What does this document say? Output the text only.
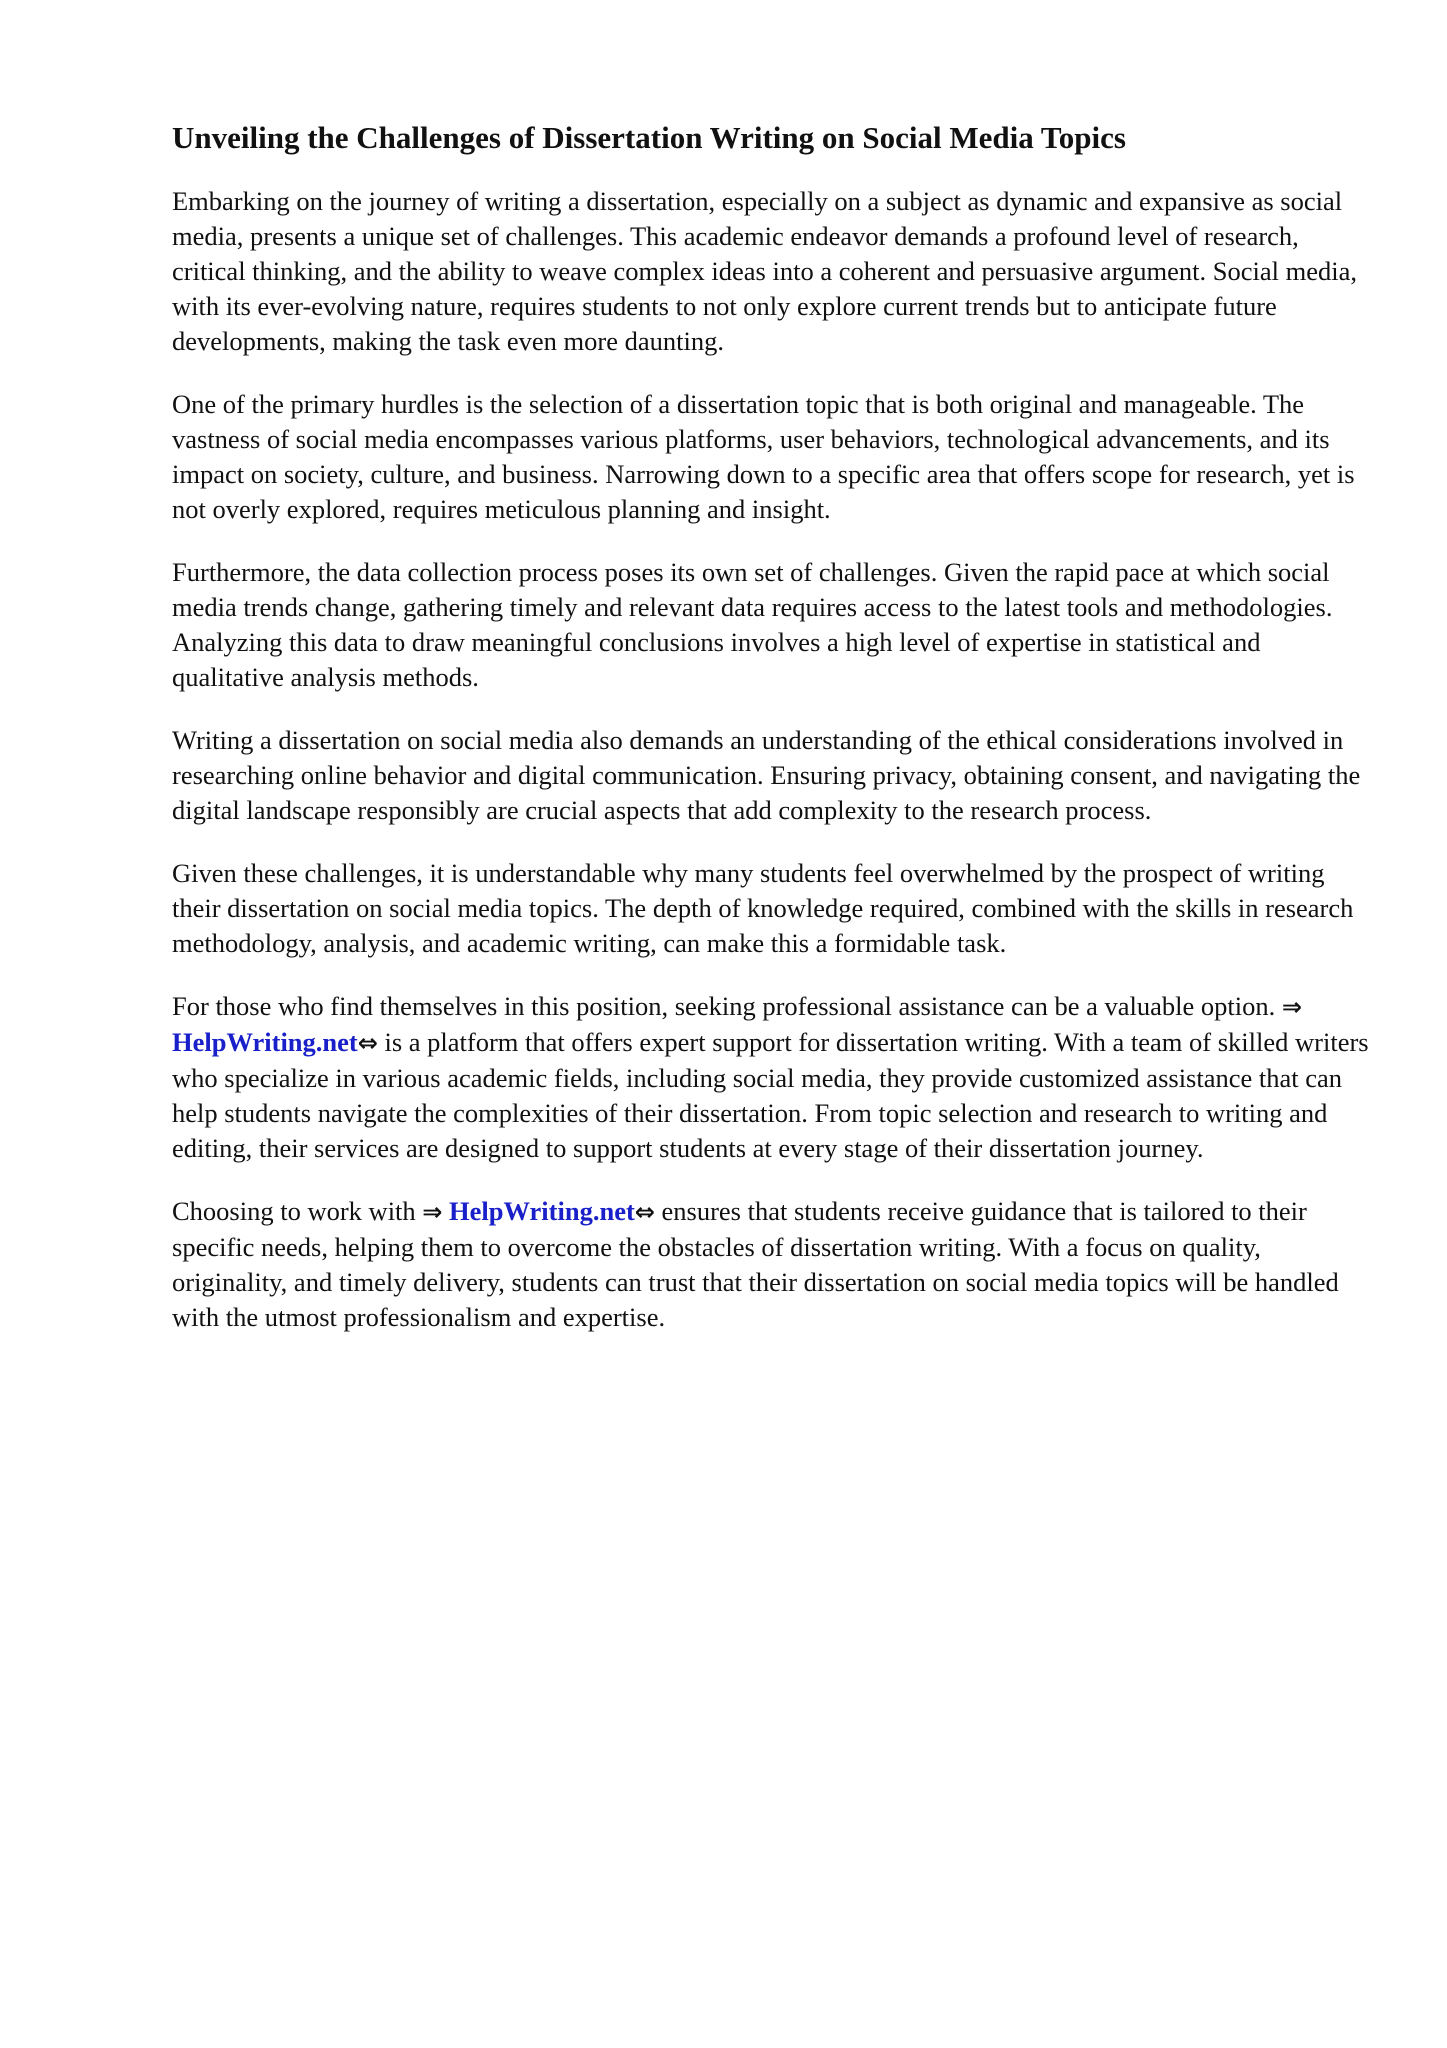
Unveiling the Challenges of Dissertation Writing on Social Media Topics

Embarking on the journey of writing a dissertation, especially on a subject as dynamic and expansive as social media, presents a unique set of challenges. This academic endeavor demands a profound level of research, critical thinking, and the ability to weave complex ideas into a coherent and persuasive argument. Social media, with its ever-evolving nature, requires students to not only explore current trends but to anticipate future developments, making the task even more daunting.

One of the primary hurdles is the selection of a dissertation topic that is both original and manageable. The vastness of social media encompasses various platforms, user behaviors, technological advancements, and its impact on society, culture, and business. Narrowing down to a specific area that offers scope for research, yet is not overly explored, requires meticulous planning and insight.

Furthermore, the data collection process poses its own set of challenges. Given the rapid pace at which social media trends change, gathering timely and relevant data requires access to the latest tools and methodologies. Analyzing this data to draw meaningful conclusions involves a high level of expertise in statistical and qualitative analysis methods.

Writing a dissertation on social media also demands an understanding of the ethical considerations involved in researching online behavior and digital communication. Ensuring privacy, obtaining consent, and navigating the digital landscape responsibly are crucial aspects that add complexity to the research process.

Given these challenges, it is understandable why many students feel overwhelmed by the prospect of writing their dissertation on social media topics. The depth of knowledge required, combined with the skills in research methodology, analysis, and academic writing, can make this a formidable task.

For those who find themselves in this position, seeking professional assistance can be a valuable option. ⇒ HelpWriting.net⇔ is a platform that offers expert support for dissertation writing. With a team of skilled writers who specialize in various academic fields, including social media, they provide customized assistance that can help students navigate the complexities of their dissertation. From topic selection and research to writing and editing, their services are designed to support students at every stage of their dissertation journey.

Choosing to work with ⇒ HelpWriting.net⇔ ensures that students receive guidance that is tailored to their specific needs, helping them to overcome the obstacles of dissertation writing. With a focus on quality, originality, and timely delivery, students can trust that their dissertation on social media topics will be handled with the utmost professionalism and expertise.
